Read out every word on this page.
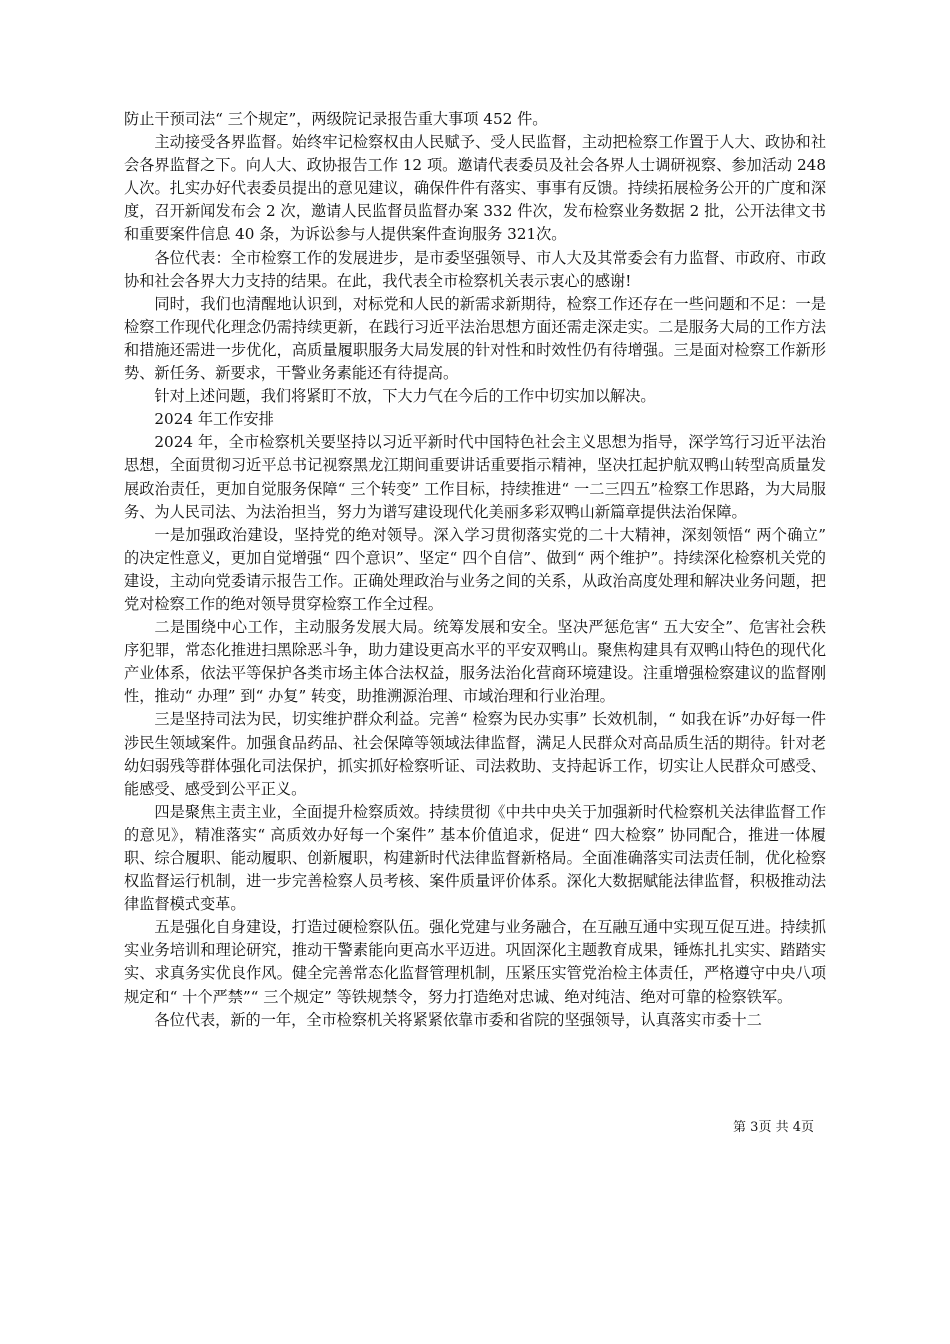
防止干预司法“ 三个规定”，两级院记录报告重大事项 452 件。

主动接受各界监督。始终牢记检察权由人民赋予、受人民监督，主动把检察工作置于人大、政协和社会各界监督之下。向人大、政协报告工作 12 项。邀请代表委员及社会各界人士调研视察、参加活动 248 人次。扎实办好代表委员提出的意见建议，确保件件有落实、事事有反馈。持续拓展检务公开的广度和深度，召开新闻发布会 2 次，邀请人民监督员监督办案 332 件次，发布检察业务数据 2 批，公开法律文书和重要案件信息 40 条，为诉讼参与人提供案件查询服务 321次。

各位代表：全市检察工作的发展进步，是市委坚强领导、市人大及其常委会有力监督、市政府、市政协和社会各界大力支持的结果。在此，我代表全市检察机关表示衷心的感谢!

同时，我们也清醒地认识到，对标党和人民的新需求新期待，检察工作还存在一些问题和不足：一是检察工作现代化理念仍需持续更新，在践行习近平法治思想方面还需走深走实。二是服务大局的工作方法和措施还需进一步优化，高质量履职服务大局发展的针对性和时效性仍有待增强。三是面对检察工作新形势、新任务、新要求，干警业务素能还有待提高。

针对上述问题，我们将紧盯不放，下大力气在今后的工作中切实加以解决。

2024 年工作安排

2024 年，全市检察机关要坚持以习近平新时代中国特色社会主义思想为指导，深学笃行习近平法治思想，全面贯彻习近平总书记视察黑龙江期间重要讲话重要指示精神，坚决扛起护航双鸭山转型高质量发展政治责任，更加自觉服务保障“ 三个转变” 工作目标，持续推进“ 一二三四五”检察工作思路，为大局服务、为人民司法、为法治担当，努力为谱写建设现代化美丽多彩双鸭山新篇章提供法治保障。

一是加强政治建设，坚持党的绝对领导。深入学习贯彻落实党的二十大精神，深刻领悟“ 两个确立” 的决定性意义，更加自觉增强“ 四个意识”、坚定“ 四个自信”、做到“ 两个维护”。持续深化检察机关党的建设，主动向党委请示报告工作。正确处理政治与业务之间的关系，从政治高度处理和解决业务问题，把党对检察工作的绝对领导贯穿检察工作全过程。

二是围绕中心工作，主动服务发展大局。统筹发展和安全。坚决严惩危害“ 五大安全”、危害社会秩序犯罪，常态化推进扫黑除恶斗争，助力建设更高水平的平安双鸭山。聚焦构建具有双鸭山特色的现代化产业体系，依法平等保护各类市场主体合法权益，服务法治化营商环境建设。注重增强检察建议的监督刚性，推动“ 办理” 到“ 办复” 转变，助推溯源治理、市域治理和行业治理。

三是坚持司法为民，切实维护群众利益。完善“ 检察为民办实事” 长效机制，“ 如我在诉”办好每一件涉民生领域案件。加强食品药品、社会保障等领域法律监督，满足人民群众对高品质生活的期待。针对老幼妇弱残等群体强化司法保护，抓实抓好检察听证、司法救助、支持起诉工作，切实让人民群众可感受、能感受、感受到公平正义。

四是聚焦主责主业，全面提升检察质效。持续贯彻《中共中央关于加强新时代检察机关法律监督工作的意见》，精准落实“ 高质效办好每一个案件” 基本价值追求，促进“ 四大检察” 协同配合，推进一体履职、综合履职、能动履职、创新履职，构建新时代法律监督新格局。全面准确落实司法责任制，优化检察权监督运行机制，进一步完善检察人员考核、案件质量评价体系。深化大数据赋能法律监督，积极推动法律监督模式变革。

五是强化自身建设，打造过硬检察队伍。强化党建与业务融合，在互融互通中实现互促互进。持续抓实业务培训和理论研究，推动干警素能向更高水平迈进。巩固深化主题教育成果，锤炼扎扎实实、踏踏实实、求真务实优良作风。健全完善常态化监督管理机制，压紧压实管党治检主体责任，严格遵守中央八项规定和“ 十个严禁”“ 三个规定” 等铁规禁令，努力打造绝对忠诚、绝对纯洁、绝对可靠的检察铁军。

各位代表，新的一年，全市检察机关将紧紧依靠市委和省院的坚强领导，认真落实市委十二

第 3页 共 4页
